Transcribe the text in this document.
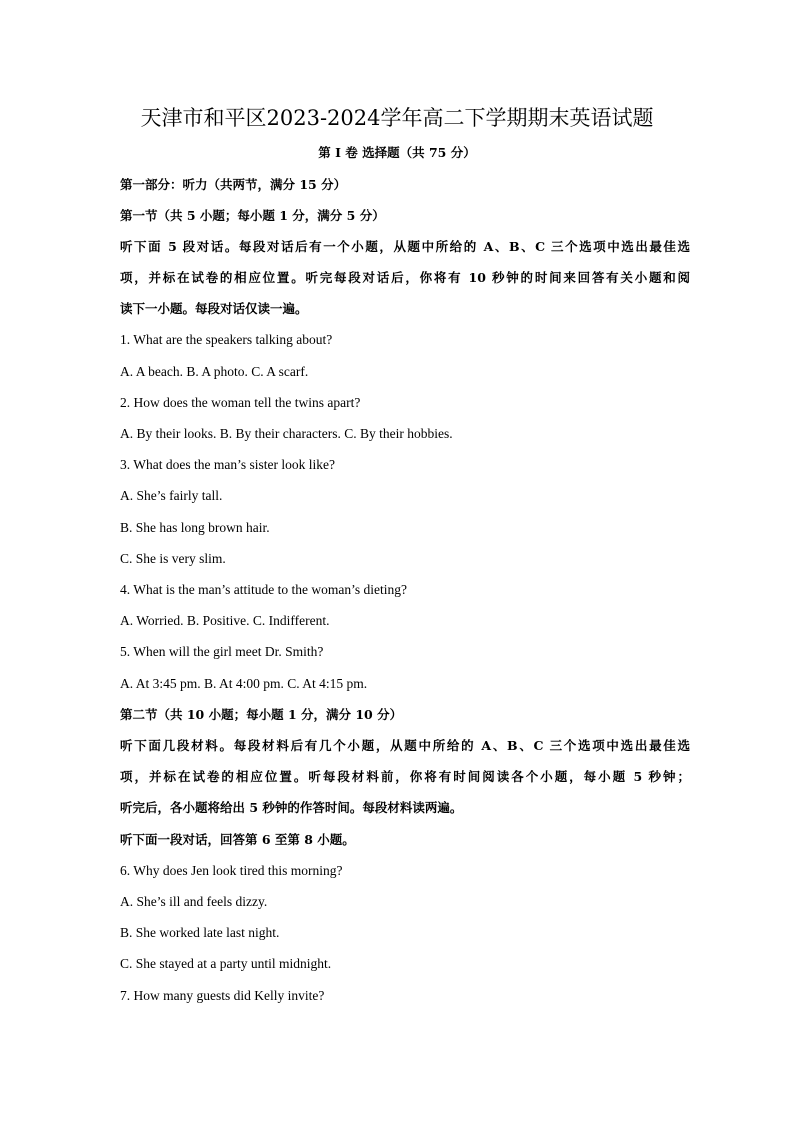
天津市和平区2023-2024学年高二下学期期末英语试题
第 I 卷 选择题（共 75 分）
第一部分：听力（共两节，满分 15 分）
第一节（共 5 小题；每小题 1 分，满分 5 分）
听下面 5 段对话。每段对话后有一个小题，从题中所给的 A、B、C 三个选项中选出最佳选
项，并标在试卷的相应位置。听完每段对话后，你将有 10 秒钟的时间来回答有关小题和阅
读下一小题。每段对话仅读一遍。
1. What are the speakers talking about?
A. A beach. B. A photo. C. A scarf.
2. How does the woman tell the twins apart?
A. By their looks. B. By their characters. C. By their hobbies.
3. What does the man’s sister look like?
A. She’s fairly tall.
B. She has long brown hair.
C. She is very slim.
4. What is the man’s attitude to the woman’s dieting?
A. Worried. B. Positive. C. Indifferent.
5. When will the girl meet Dr. Smith?
A. At 3:45 pm. B. At 4:00 pm. C. At 4:15 pm.
第二节（共 10 小题；每小题 1 分，满分 10 分）
听下面几段材料。每段材料后有几个小题，从题中所给的 A、B、C 三个选项中选出最佳选
项，并标在试卷的相应位置。听每段材料前，你将有时间阅读各个小题，每小题 5 秒钟；
听完后，各小题将给出 5 秒钟的作答时间。每段材料读两遍。
听下面一段对话，回答第 6 至第 8 小题。
6. Why does Jen look tired this morning?
A. She’s ill and feels dizzy.
B. She worked late last night.
C. She stayed at a party until midnight.
7. How many guests did Kelly invite?
